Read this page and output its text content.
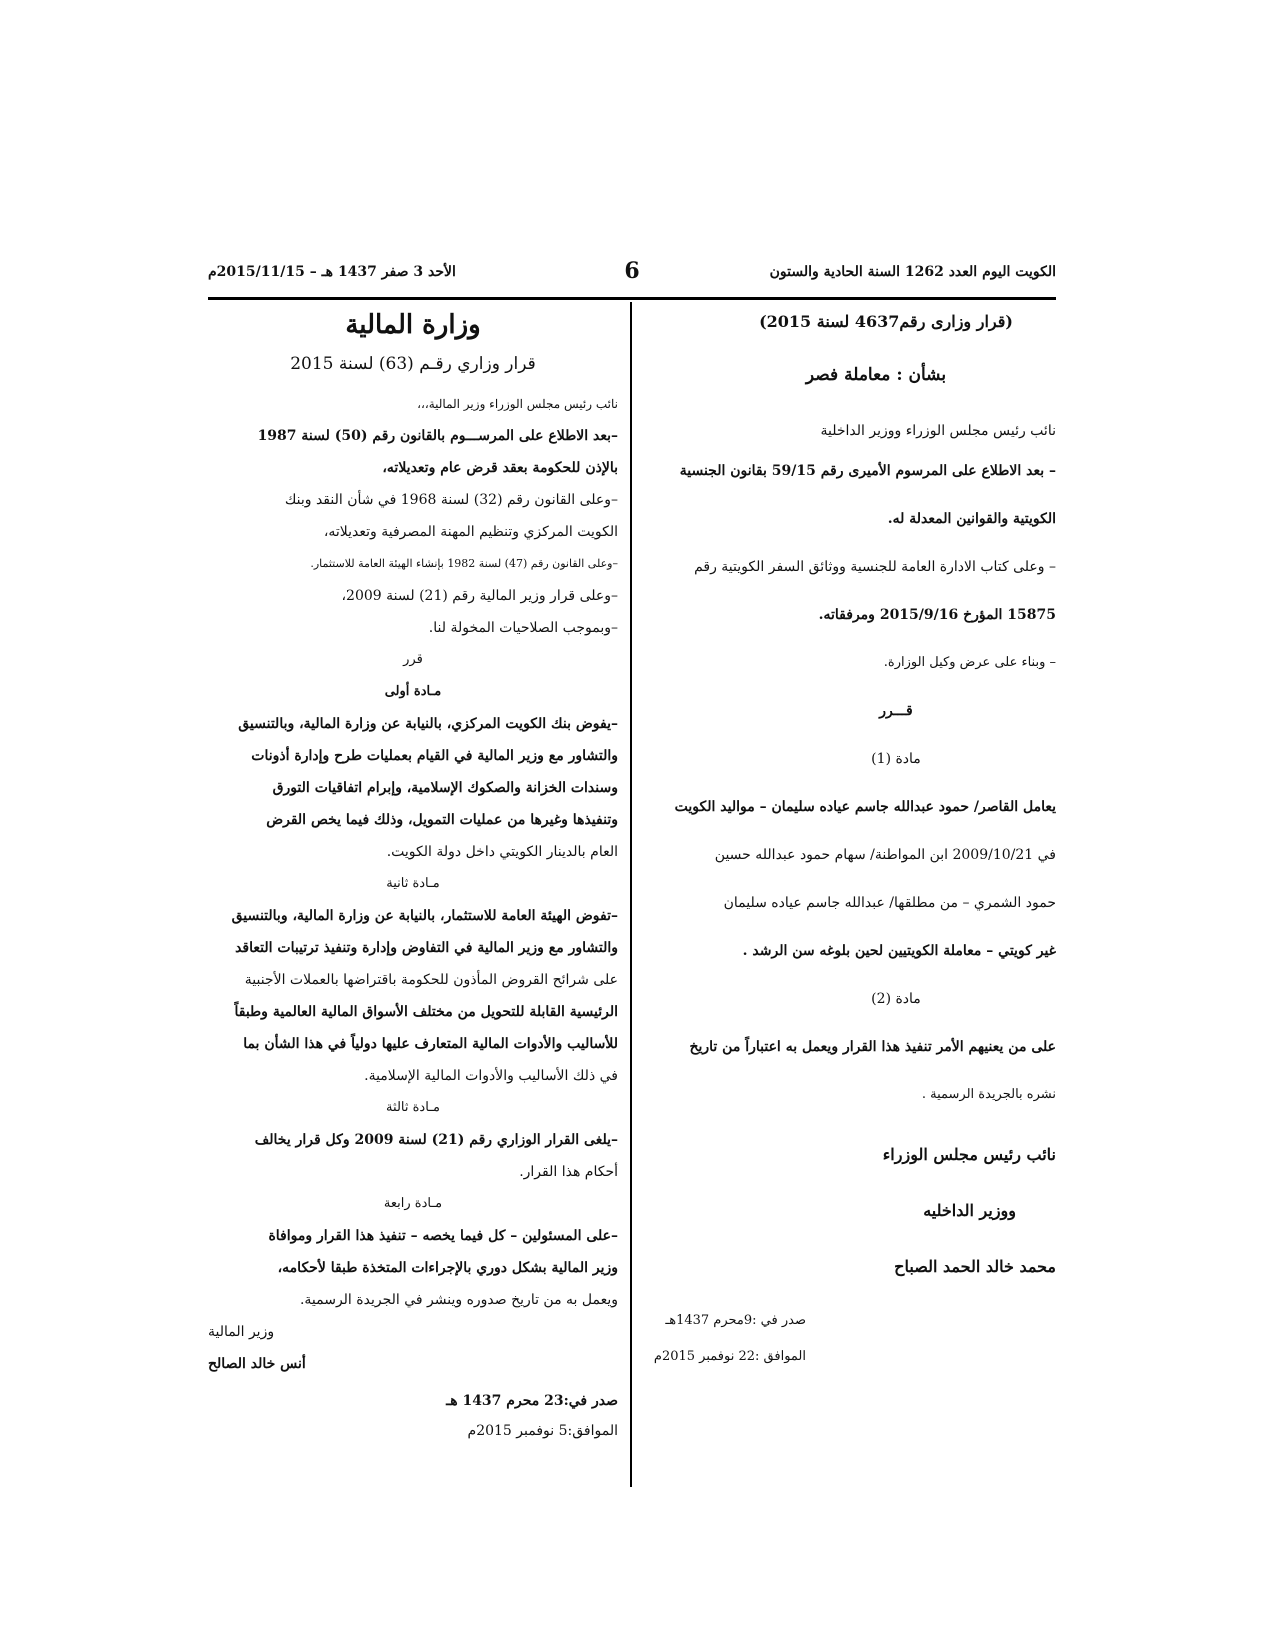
الكويت اليوم العدد 1262 السنة الحادية والستون
6
الأحد 3 صفر 1437 هـ – 2015/11/15م

(قرار وزارى رقم4637 لسنة 2015)

بشأن : معاملة فصر

نائب رئيس مجلس الوزراء ووزير الداخلية

– بعد الاطلاع على المرسوم الأميرى رقم 59/15 بقانون الجنسية

الكويتية والقوانين المعدلة له.

– وعلى كتاب الادارة العامة للجنسية ووثائق السفر الكويتية رقم

15875 المؤرخ 2015/9/16 ومرفقاته.

– وبناء على عرض وكيل الوزارة.

قـــرر

مادة (1)

يعامل القاصر/ حمود عبدالله جاسم عياده سليمان – مواليد الكويت

في 2009/10/21 ابن المواطنة/ سهام حمود عبدالله حسين

حمود الشمري – من مطلقها/ عبدالله جاسم عياده سليمان

غير كويتي – معاملة الكويتيين لحين بلوغه سن الرشد .

مادة (2)

على من يعنيهم الأمر تنفيذ هذا القرار ويعمل به اعتباراً من تاريخ

نشره بالجريدة الرسمية .

نائب رئيس مجلس الوزراء

ووزير الداخليه

محمد خالد الحمد الصباح

صدر في :9محرم 1437هـ

الموافق :22 نوفمبر 2015م

وزارة المالية

قرار وزاري رقـم (63) لسنة 2015

نائب رئيس مجلس الوزراء وزير المالية،،،

–بعد الاطلاع على المرســـوم بالقانون رقم (50) لسنة 1987

بالإذن للحكومة بعقد قرض عام وتعديلاته،

–وعلى القانون رقم (32) لسنة 1968 في شأن النقد وبنك

الكويت المركزي وتنظيم المهنة المصرفية وتعديلاته،

–وعلى القانون رقم (47) لسنة 1982 بإنشاء الهيئة العامة للاستثمار.

–وعلى قرار وزير المالية رقم (21) لسنة 2009،

–وبموجب الصلاحيات المخولة لنا.

قرر

مـادة أولى

–يفوض بنك الكويت المركزي، بالنيابة عن وزارة المالية، وبالتنسيق

والتشاور مع وزير المالية في القيام بعمليات طرح وإدارة أذونات

وسندات الخزانة والصكوك الإسلامية، وإبرام اتفاقيات التورق

وتنفيذها وغيرها من عمليات التمويل، وذلك فيما يخص القرض

العام بالدينار الكويتي داخل دولة الكويت.

مـادة ثانية

–تفوض الهيئة العامة للاستثمار، بالنيابة عن وزارة المالية، وبالتنسيق

والتشاور مع وزير المالية في التفاوض وإدارة وتنفيذ ترتيبات التعاقد

على شرائح القروض المأذون للحكومة باقتراضها بالعملات الأجنبية

الرئيسية القابلة للتحويل من مختلف الأسواق المالية العالمية وطبقاً

للأساليب والأدوات المالية المتعارف عليها دولياً في هذا الشأن بما

في ذلك الأساليب والأدوات المالية الإسلامية.

مـادة ثالثة

–يلغى القرار الوزاري رقم (21) لسنة 2009 وكل قرار يخالف

أحكام هذا القرار.

مـادة رابعة

–على المسئولين – كل فيما يخصه – تنفيذ هذا القرار وموافاة

وزير المالية بشكل دوري بالإجراءات المتخذة طبقا لأحكامه،

ويعمل به من تاريخ صدوره وينشر في الجريدة الرسمية.

وزير المالية

أنس خالد الصالح

صدر في:23 محرم 1437 هـ

الموافق:5 نوفمبر 2015م
